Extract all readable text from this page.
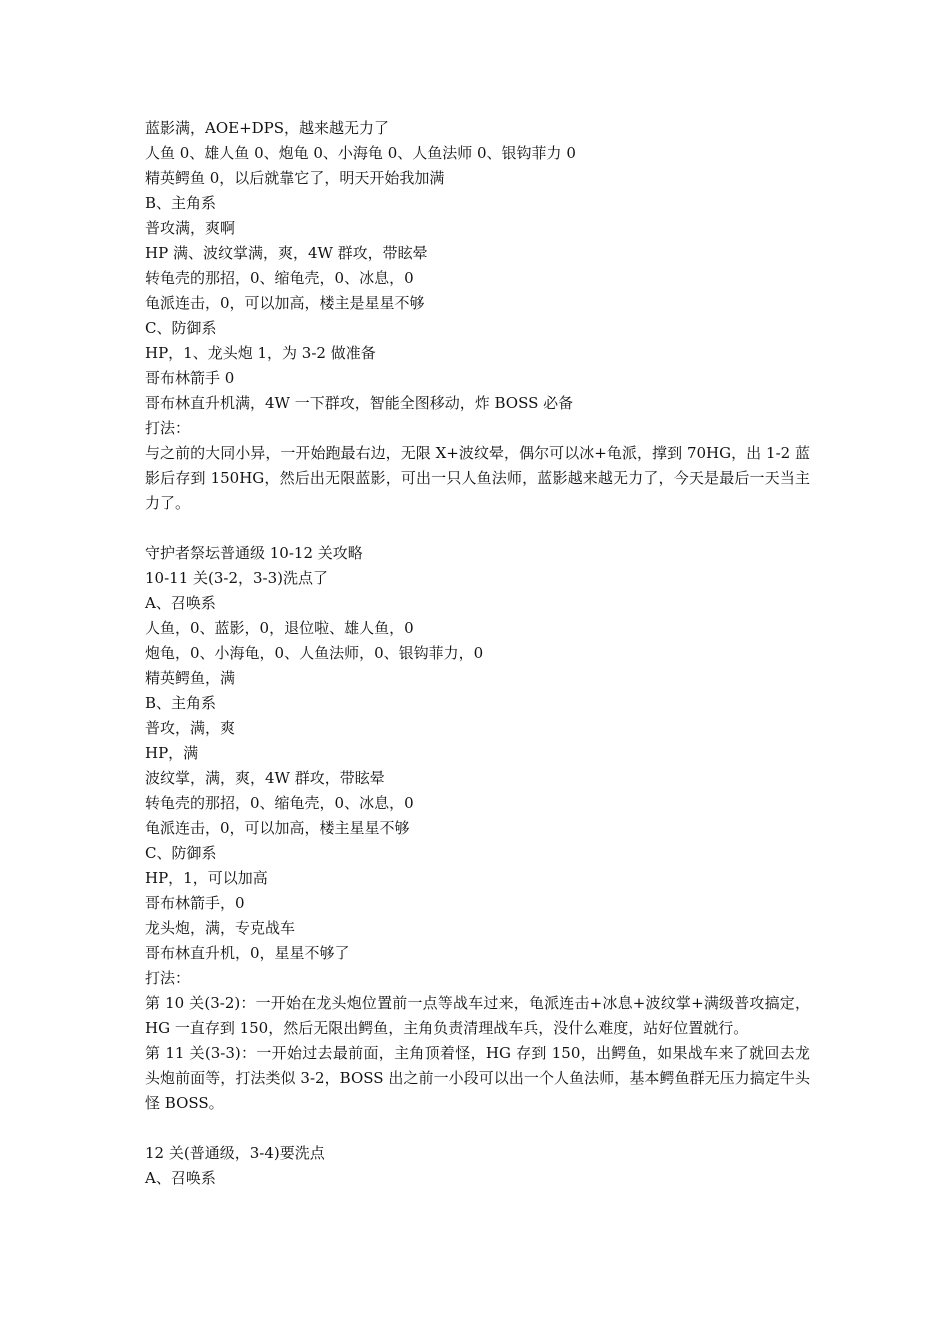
蓝影满，AOE+DPS，越来越无力了
人鱼 0、雄人鱼 0、炮龟 0、小海龟 0、人鱼法师 0、银钩菲力 0
精英鳄鱼 0，以后就靠它了，明天开始我加满
B、主角系
普攻满，爽啊
HP 满、波纹掌满，爽，4W 群攻，带眩晕
转龟壳的那招，0、缩龟壳，0、冰息，0
龟派连击，0，可以加高，楼主是星星不够
C、防御系
HP，1、龙头炮 1，为 3-2 做准备
哥布林箭手 0
哥布林直升机满，4W 一下群攻，智能全图移动，炸 BOSS 必备
打法：
与之前的大同小异，一开始跑最右边，无限 X+波纹晕，偶尔可以冰+龟派，撑到 70HG，出 1-2 蓝影后存到 150HG，然后出无限蓝影，可出一只人鱼法师，蓝影越来越无力了，今天是最后一天当主力了。
守护者祭坛普通级 10-12 关攻略
10-11 关(3-2，3-3)洗点了
A、召唤系
人鱼，0、蓝影，0，退位啦、雄人鱼，0
炮龟，0、小海龟，0、人鱼法师，0、银钩菲力，0
精英鳄鱼，满
B、主角系
普攻，满，爽
HP，满
波纹掌，满，爽，4W 群攻，带眩晕
转龟壳的那招，0、缩龟壳，0、冰息，0
龟派连击，0，可以加高，楼主星星不够
C、防御系
HP，1，可以加高
哥布林箭手，0
龙头炮，满，专克战车
哥布林直升机，0，星星不够了
打法：
第 10 关(3-2)：一开始在龙头炮位置前一点等战车过来，龟派连击+冰息+波纹掌+满级普攻搞定，HG 一直存到 150，然后无限出鳄鱼，主角负责清理战车兵，没什么难度，站好位置就行。
第 11 关(3-3)：一开始过去最前面，主角顶着怪，HG 存到 150，出鳄鱼，如果战车来了就回去龙头炮前面等，打法类似 3-2，BOSS 出之前一小段可以出一个人鱼法师，基本鳄鱼群无压力搞定牛头怪 BOSS。
12 关(普通级，3-4)要洗点
A、召唤系
